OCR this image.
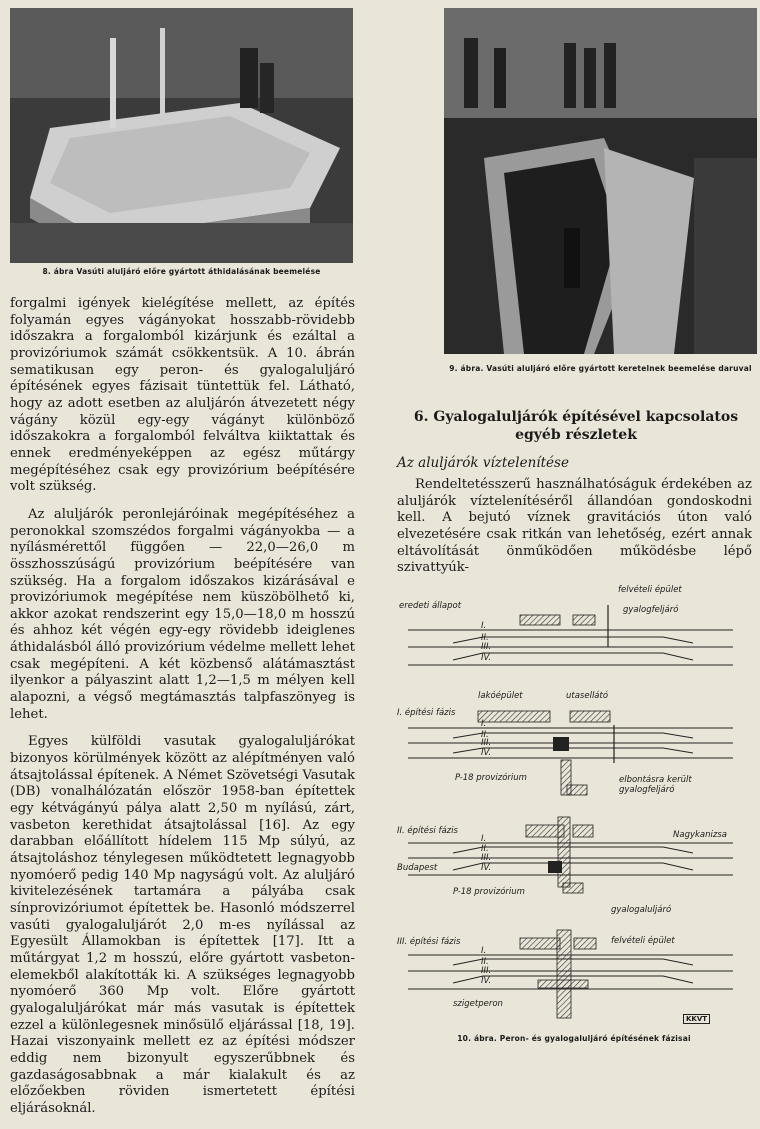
8. ábra Vasúti aluljáró előre gyártott áthidalásának beemelése
9. ábra. Vasúti aluljáró előre gyártott keretelnek beemelése daruval

forgalmi igények kielégítése mellett, az építés folyamán egyes vágányokat hosszabb-rövidebb időszakra a forgalomból kizárjunk és ezáltal a provizóriumok számát csökkentsük. A 10. ábrán sematikusan egy peron- és gyalogaluljáró építésének egyes fázisait tüntettük fel. Látható, hogy az adott esetben az aluljárón átvezetett négy vágány közül egy-egy vágányt különböző időszakokra a forgalomból felváltva kiiktattak és ennek eredményeképpen az egész műtárgy megépítéséhez csak egy provizórium beépítésére volt szükség.

Az aluljárók peronlejáróinak megépítéséhez a peronokkal szomszédos forgalmi vágányokba — a nyílásmérettől függően — 22,0—26,0 m összhosszúságú provizórium beépítésére van szükség. Ha a forgalom időszakos kizárásával e provizóriumok megépítése nem küszöbölhető ki, akkor azokat rendszerint egy 15,0—18,0 m hosszú és ahhoz két végén egy-egy rövidebb ideiglenes áthidalásból álló provizórium védelme mellett lehet csak megépíteni. A két közbenső alátámasztást ilyenkor a pályaszint alatt 1,2—1,5 m mélyen kell alapozni, a végső megtámasztás talpfaszönyeg is lehet.

Egyes külföldi vasutak gyalogaluljárókat bizonyos körülmények között az alépítményen való átsajtolással építenek. A Német Szövetségi Vasutak (DB) vonalhálózatán először 1958-ban építettek egy kétvágányú pálya alatt 2,50 m nyílású, zárt, vasbeton kerethidat átsajtolással [16]. Az egy darabban előállított hídelem 115 Mp súlyú, az átsajtoláshoz ténylegesen működtetett legnagyobb nyomóerő pedig 140 Mp nagyságú volt. Az aluljáró kivitelezésének tartamára a pályába csak sínprovizóriumot építettek be. Hasonló módszerrel vasúti gyalogaluljárót 2,0 m-es nyílással az Egyesült Államokban is építettek [17]. Itt a műtárgyat 1,2 m hosszú, előre gyártott vasbeton-elemekből alakították ki. A szükséges legnagyobb nyomóerő 360 Mp volt. Előre gyártott gyalogaluljárókat már más vasutak is építettek ezzel a különlegesnek minősülő eljárással [18, 19]. Hazai viszonyaink mellett ez az építési módszer eddig nem bizonyult egyszerűbbnek és gazdaságosabbnak a már kialakult és az előzőekben röviden ismertetett építési eljárásoknál.

6. Gyalogaluljárók építésével kapcsolatos egyéb részletek
Az aluljárók víztelenítése

Rendeltetésszerű használhatóságuk érdekében az aluljárók víztelenítéséről állandóan gondoskodni kell. A bejutó víznek gravitációs úton való elvezetésére csak ritkán van lehetőség, ezért annak eltávolítását önműködően működésbe lépő szivattyúk-

eredeti állapot
felvételi épület
gyalogfeljáró
I.
II.
III.
IV.
I. építési fázis
lakóépület	utasellátó
P-18 provizórium	elbontásra került gyalogfeljáró
I.
II.
III.
IV.
II. építési fázis	Nagykanizsa
Budapest
P-18 provizórium
I.
II.
III.
IV.
gyalogaluljáró
III. építési fázis	felvételi épület
szigetperon
I.
II.
III.
IV.
KKVT
10. ábra. Peron- és gyalogaluljáró építésének fázisai
